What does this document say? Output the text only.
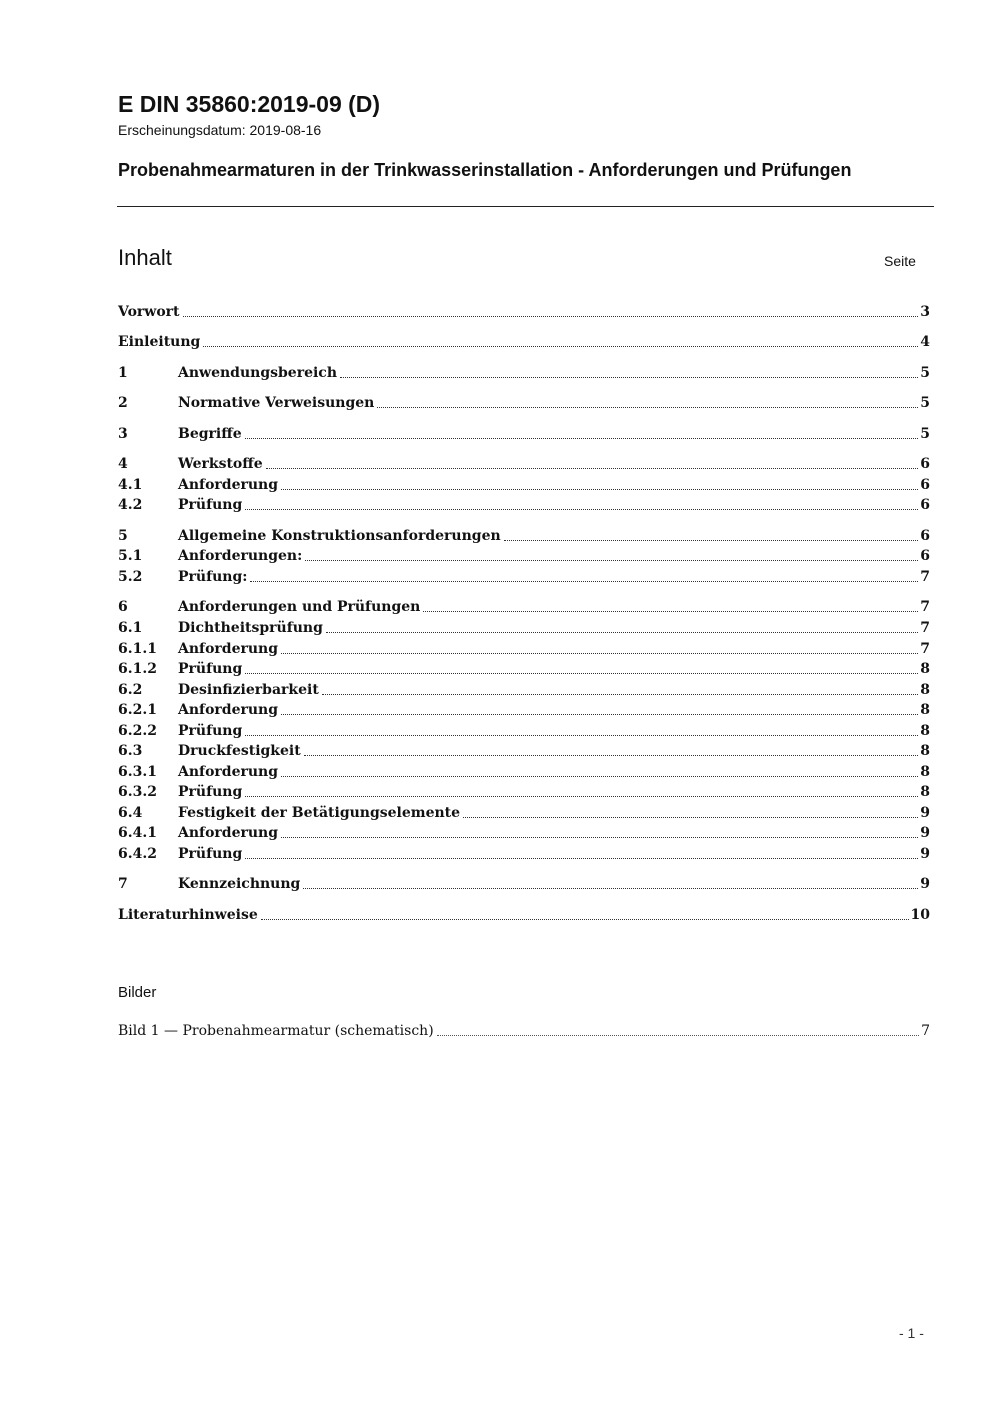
E DIN 35860:2019-09 (D)
Erscheinungsdatum: 2019-08-16
Probenahmearmaturen in der Trinkwasserinstallation - Anforderungen und Prüfungen
Inhalt	Seite
Vorwort	3
Einleitung	4
1	Anwendungsbereich	5
2	Normative Verweisungen	5
3	Begriffe	5
4	Werkstoffe	6
4.1	Anforderung	6
4.2	Prüfung	6
5	Allgemeine Konstruktionsanforderungen	6
5.1	Anforderungen:	6
5.2	Prüfung:	7
6	Anforderungen und Prüfungen	7
6.1	Dichtheitsprüfung	7
6.1.1	Anforderung	7
6.1.2	Prüfung	8
6.2	Desinfizierbarkeit	8
6.2.1	Anforderung	8
6.2.2	Prüfung	8
6.3	Druckfestigkeit	8
6.3.1	Anforderung	8
6.3.2	Prüfung	8
6.4	Festigkeit der Betätigungselemente	9
6.4.1	Anforderung	9
6.4.2	Prüfung	9
7	Kennzeichnung	9
Literaturhinweise	10
Bilder
Bild 1 — Probenahmearmatur (schematisch)	7
- 1 -
